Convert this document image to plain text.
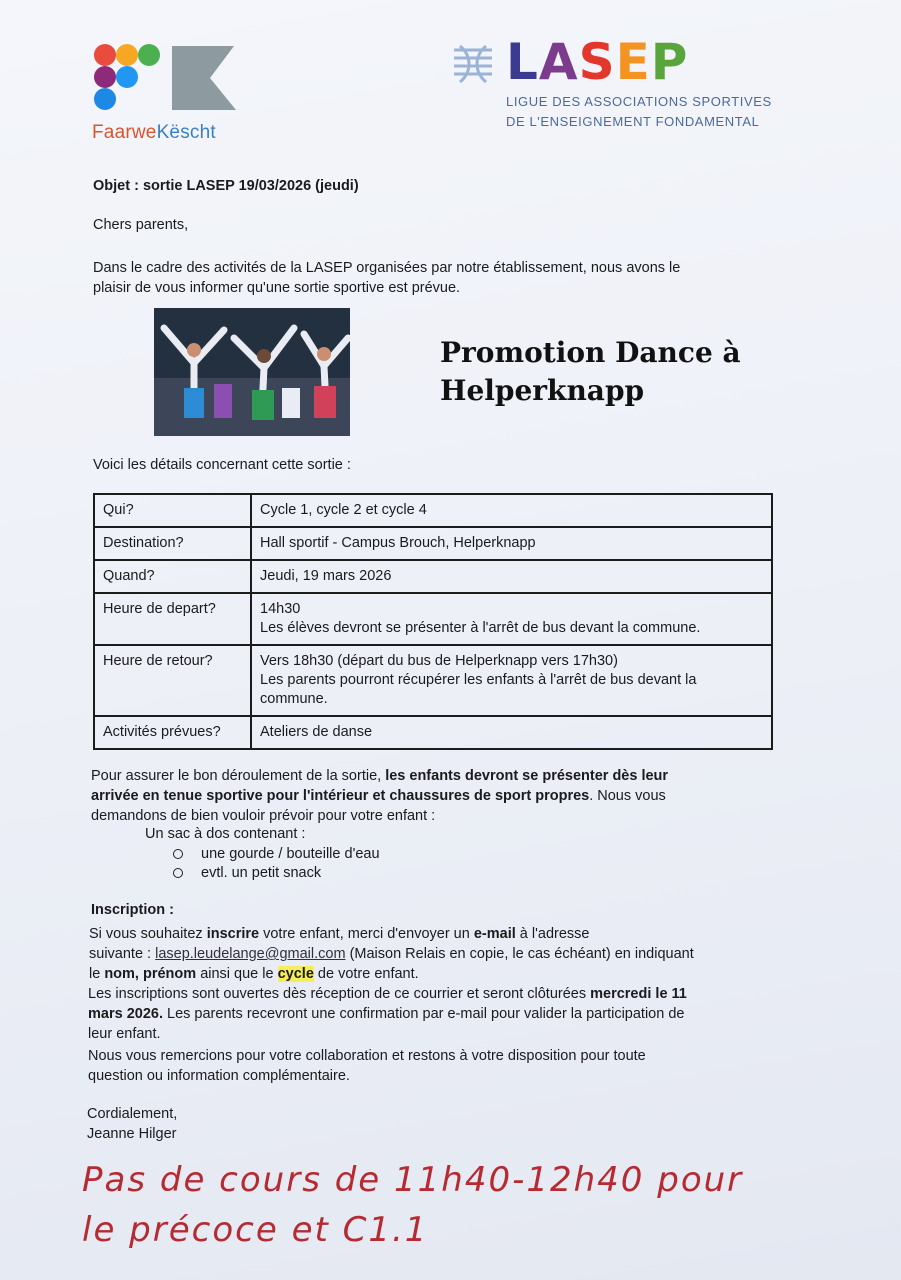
FaarweKëscht
LASEP
LIGUE DES ASSOCIATIONS SPORTIVES
DE L'ENSEIGNEMENT FONDAMENTAL
Objet : sortie LASEP 19/03/2026 (jeudi)
Chers parents,
Dans le cadre des activités de la LASEP organisées par notre établissement, nous avons le
plaisir de vous informer qu'une sortie sportive est prévue.
Promotion Dance à
Helperknapp
Voici les détails concernant cette sortie :
Qui?	Cycle 1, cycle 2 et cycle 4

Destination?	Hall sportif - Campus Brouch, Helperknapp

Quand?	Jeudi, 19 mars 2026

Heure de depart?	14h30
Les élèves devront se présenter à l'arrêt de bus devant la commune.

Heure de retour?	Vers 18h30 (départ du bus de Helperknapp vers 17h30)
Les parents pourront récupérer les enfants à l'arrêt de bus devant la commune.

Activités prévues?	Ateliers de danse
Pour assurer le bon déroulement de la sortie, les enfants devront se présenter dès leur
arrivée en tenue sportive pour l'intérieur et chaussures de sport propres. Nous vous
demandons de bien vouloir prévoir pour votre enfant :
Un sac à dos contenant :
une gourde / bouteille d'eau
evtl. un petit snack
Inscription :
Si vous souhaitez inscrire votre enfant, merci d'envoyer un e-mail à l'adresse
suivante : lasep.leudelange@gmail.com (Maison Relais en copie, le cas échéant) en indiquant
le nom, prénom ainsi que le cycle de votre enfant.
Les inscriptions sont ouvertes dès réception de ce courrier et seront clôturées mercredi le 11
mars 2026. Les parents recevront une confirmation par e-mail pour valider la participation de
leur enfant.
Nous vous remercions pour votre collaboration et restons à votre disposition pour toute
question ou information complémentaire.
Cordialement,
Jeanne Hilger
Pas de cours de 11h40-12h40 pour
le précoce et C1.1
